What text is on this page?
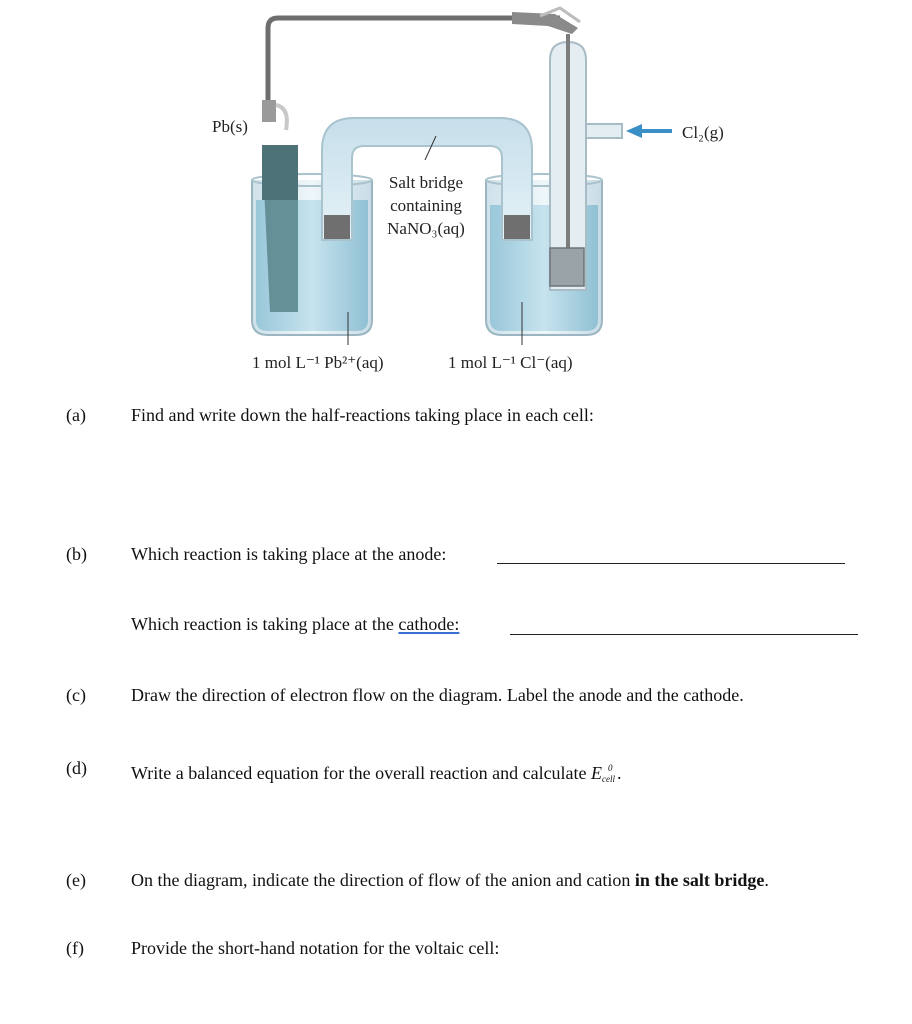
Pb(s)	Cl₂(g)
Salt bridge
containing
NaNO₃(aq)
1 mol L⁻¹ Pb²⁺(aq)	1 mol L⁻¹ Cl⁻(aq)
(a)	Find and write down the half-reactions taking place in each cell:
(b) Which reaction is taking place at the anode:
Which reaction is taking place at the cathode:
(c)	Draw the direction of electron flow on the diagram. Label the anode and the cathode.
(d) Write a balanced equation for the overall reaction and calculate $E_{cell}^0$ .
(e)	On the diagram, indicate the direction of flow of the anion and cation in the salt bridge.
(f)	Provide the short-hand notation for the voltaic cell:
